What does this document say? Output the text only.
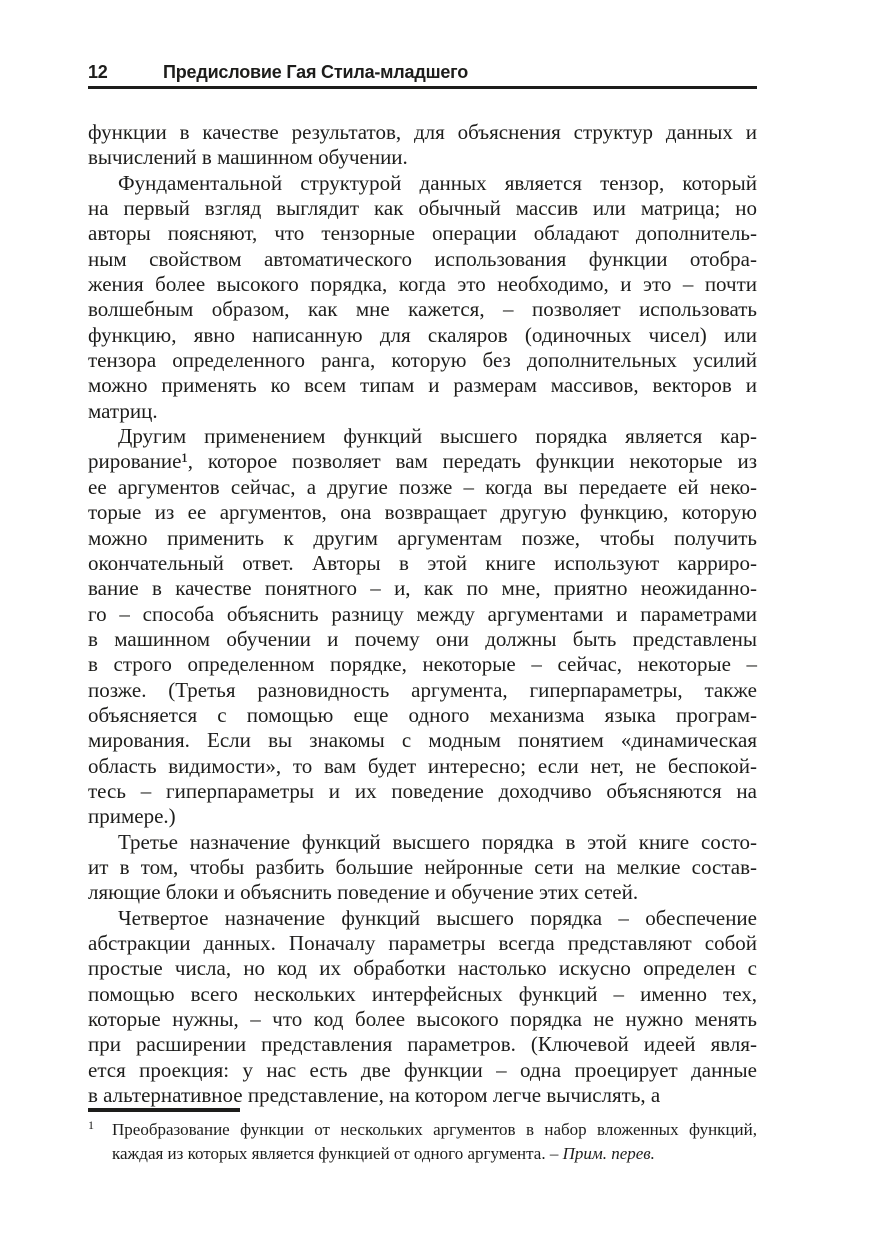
12	Предисловие Гая Стила-младшего
функции в качестве результатов, для объяснения структур данных и
вычислений в машинном обучении.
Фундаментальной структурой данных является тензор, который
на первый взгляд выглядит как обычный массив или матрица; но
авторы поясняют, что тензорные операции обладают дополнитель-
ным свойством автоматического использования функции отобра-
жения более высокого порядка, когда это необходимо, и это – почти
волшебным образом, как мне кажется, – позволяет использовать
функцию, явно написанную для скаляров (одиночных чисел) или
тензора определенного ранга, которую без дополнительных усилий
можно применять ко всем типам и размерам массивов, векторов и
матриц.
Другим применением функций высшего порядка является кар-
рирование¹, которое позволяет вам передать функции некоторые из
ее аргументов сейчас, а другие позже – когда вы передаете ей неко-
торые из ее аргументов, она возвращает другую функцию, которую
можно применить к другим аргументам позже, чтобы получить
окончательный ответ. Авторы в этой книге используют карриро-
вание в качестве понятного – и, как по мне, приятно неожиданно-
го – способа объяснить разницу между аргументами и параметрами
в машинном обучении и почему они должны быть представлены
в строго определенном порядке, некоторые – сейчас, некоторые –
позже. (Третья разновидность аргумента, гиперпараметры, также
объясняется с помощью еще одного механизма языка програм-
мирования. Если вы знакомы с модным понятием «динамическая
область видимости», то вам будет интересно; если нет, не беспокой-
тесь – гиперпараметры и их поведение доходчиво объясняются на
примере.)
Третье назначение функций высшего порядка в этой книге состо-
ит в том, чтобы разбить большие нейронные сети на мелкие состав-
ляющие блоки и объяснить поведение и обучение этих сетей.
Четвертое назначение функций высшего порядка – обеспечение
абстракции данных. Поначалу параметры всегда представляют собой
простые числа, но код их обработки настолько искусно определен с
помощью всего нескольких интерфейсных функций – именно тех,
которые нужны, – что код более высокого порядка не нужно менять
при расширении представления параметров. (Ключевой идеей явля-
ется проекция: у нас есть две функции – одна проецирует данные
в альтернативное представление, на котором легче вычислять, а
1 Преобразование функции от нескольких аргументов в набор вложенных функций,
каждая из которых является функцией от одного аргумента. – Прим. перев.
